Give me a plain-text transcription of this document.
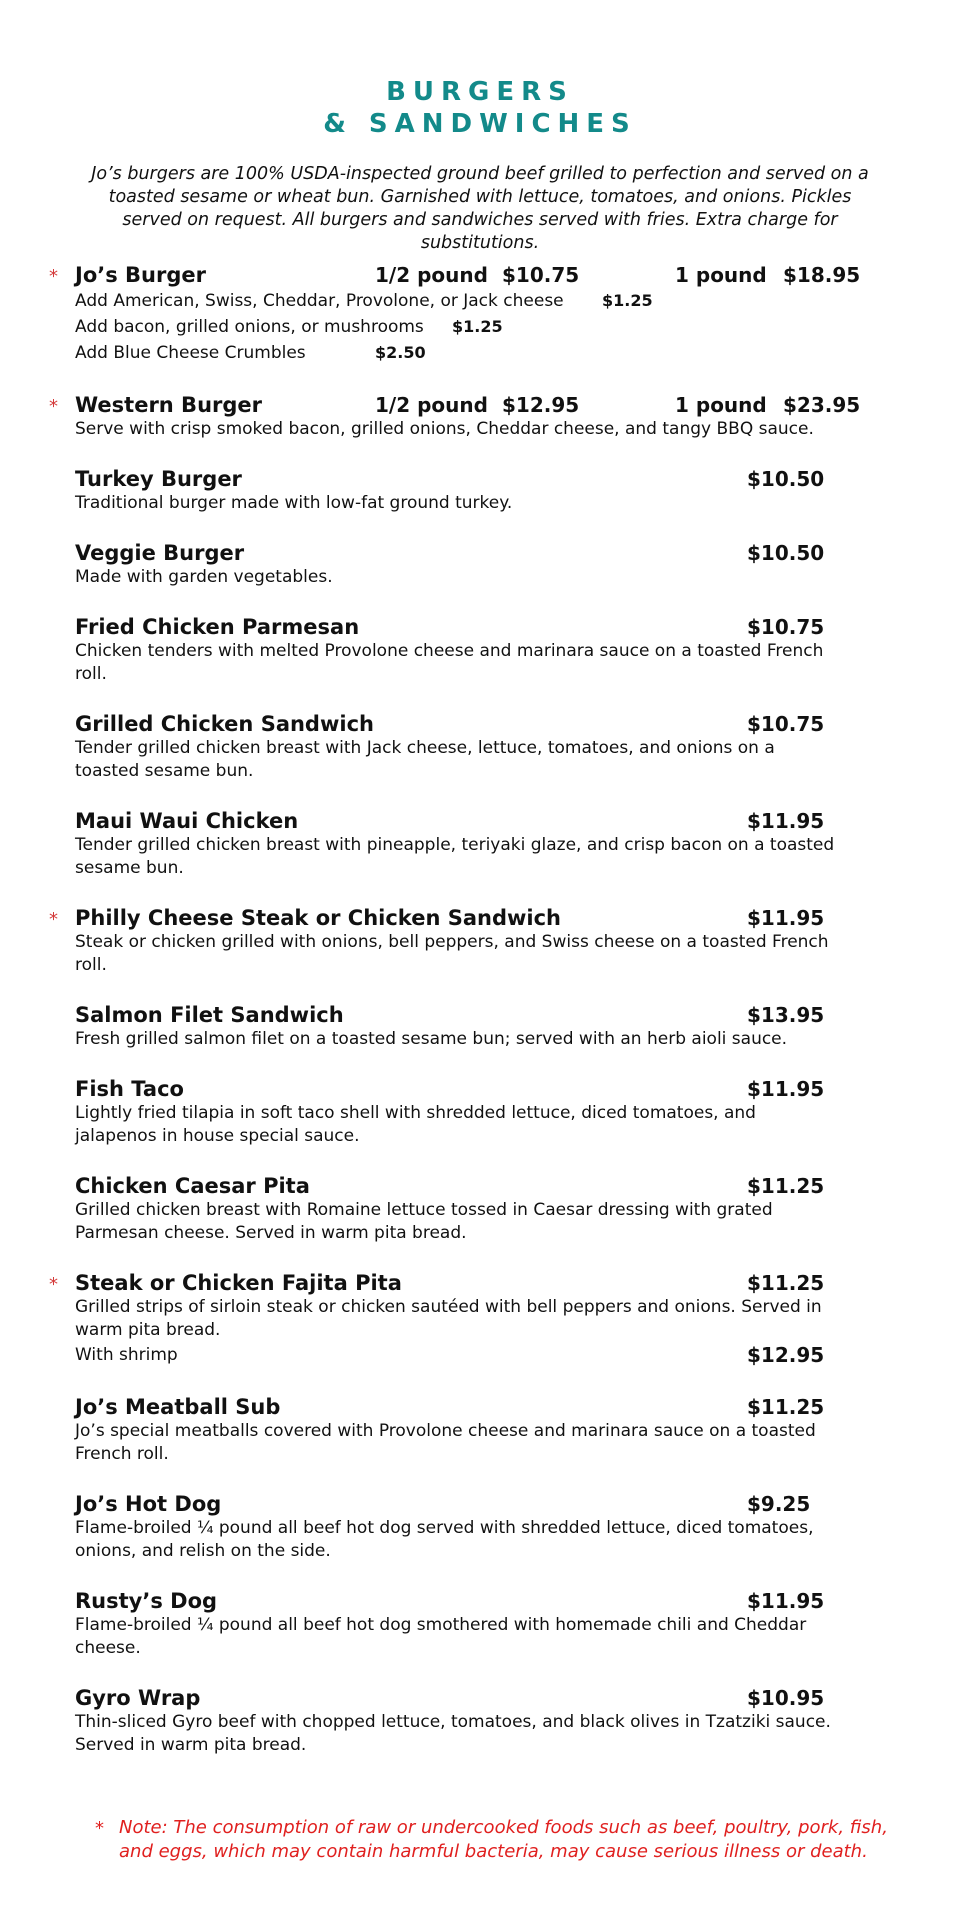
BURGERS
& SANDWICHES
Jo’s burgers are 100% USDA-inspected ground beef grilled to perfection and served on a toasted sesame or wheat bun. Garnished with lettuce, tomatoes, and onions. Pickles served on request. All burgers and sandwiches served with fries. Extra charge for substitutions.
* Jo’s Burger	1/2 pound $10.75	1 pound $18.95
Add American, Swiss, Cheddar, Provolone, or Jack cheese $1.25
Add bacon, grilled onions, or mushrooms $1.25
Add Blue Cheese Crumbles	$2.50
* Western Burger	1/2 pound $12.95	1 pound $23.95
Serve with crisp smoked bacon, grilled onions, Cheddar cheese, and tangy BBQ sauce.
Turkey Burger	$10.50
Traditional burger made with low-fat ground turkey.
Veggie Burger	$10.50
Made with garden vegetables.
Fried Chicken Parmesan	$10.75
Chicken tenders with melted Provolone cheese and marinara sauce on a toasted French roll.
Grilled Chicken Sandwich	$10.75
Tender grilled chicken breast with Jack cheese, lettuce, tomatoes, and onions on a toasted sesame bun.
Maui Waui Chicken	$11.95
Tender grilled chicken breast with pineapple, teriyaki glaze, and crisp bacon on a toasted sesame bun.
* Philly Cheese Steak or Chicken Sandwich	$11.95
Steak or chicken grilled with onions, bell peppers, and Swiss cheese on a toasted French roll.
Salmon Filet Sandwich	$13.95
Fresh grilled salmon filet on a toasted sesame bun; served with an herb aioli sauce.
Fish Taco	$11.95
Lightly fried tilapia in soft taco shell with shredded lettuce, diced tomatoes, and jalapenos in house special sauce.
Chicken Caesar Pita	$11.25
Grilled chicken breast with Romaine lettuce tossed in Caesar dressing with grated Parmesan cheese. Served in warm pita bread.
* Steak or Chicken Fajita Pita	$11.25
Grilled strips of sirloin steak or chicken sautéed with bell peppers and onions. Served in warm pita bread.
With shrimp	$12.95
Jo’s Meatball Sub	$11.25
Jo’s special meatballs covered with Provolone cheese and marinara sauce on a toasted French roll.
Jo’s Hot Dog	$9.25
Flame-broiled ¼ pound all beef hot dog served with shredded lettuce, diced tomatoes, onions, and relish on the side.
Rusty’s Dog	$11.95
Flame-broiled ¼ pound all beef hot dog smothered with homemade chili and Cheddar cheese.
Gyro Wrap	$10.95
Thin-sliced Gyro beef with chopped lettuce, tomatoes, and black olives in Tzatziki sauce. Served in warm pita bread.
* Note: The consumption of raw or undercooked foods such as beef, poultry, pork, fish, and eggs, which may contain harmful bacteria, may cause serious illness or death.
